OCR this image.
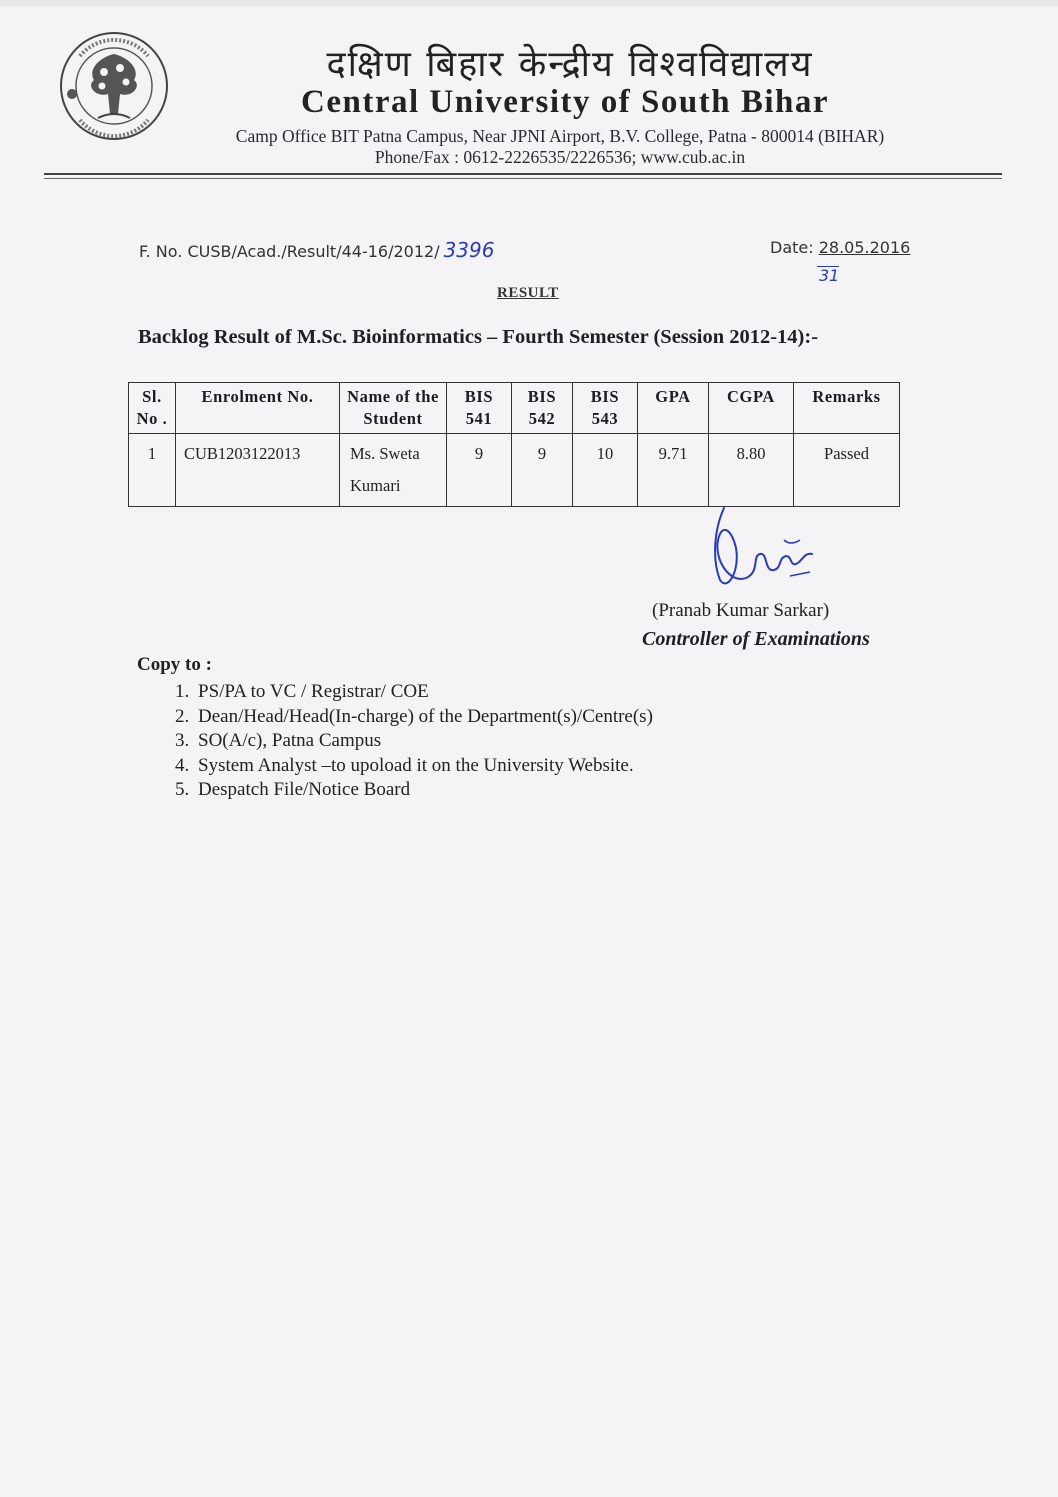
दक्षिण बिहार केन्द्रीय विश्वविद्यालय
Central University of South Bihar
Camp Office BIT Patna Campus, Near JPNI Airport, B.V. College, Patna - 800014 (BIHAR)
Phone/Fax : 0612-2226535/2226536; www.cub.ac.in
F. No. CUSB/Acad./Result/44-16/2012/ 3396	Date: 28.05.2016
31
RESULT
Backlog Result of M.Sc. Bioinformatics – Fourth Semester (Session 2012-14):-
Sl. No .	Enrolment No.	Name of the Student	BIS 541	BIS 542	BIS 543	GPA	CGPA	Remarks
1	CUB1203122013	Ms. Sweta Kumari	9	9	10	9.71	8.80	Passed
(Pranab Kumar Sarkar)
Controller of Examinations
Copy to :
1. PS/PA to VC / Registrar/ COE
2. Dean/Head/Head(In-charge) of the Department(s)/Centre(s)
3. SO(A/c), Patna Campus
4. System Analyst –to upoload it on the University Website.
5. Despatch File/Notice Board
